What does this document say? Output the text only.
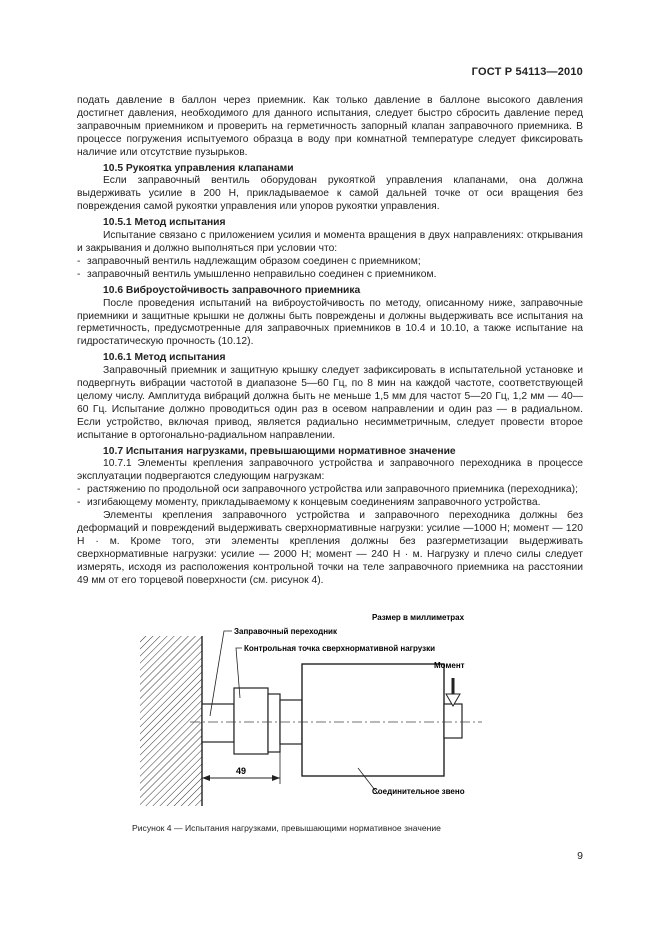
ГОСТ Р 54113—2010

подать давление в баллон через приемник. Как только давление в баллоне высокого давления достигнет давления, необходимого для данного испытания, следует быстро сбросить давление перед заправочным приемником и проверить на герметичность запорный клапан заправочного приемника. В процессе погружения испытуемого образца в воду при комнатной температуре следует фиксировать наличие или отсутствие пузырьков.

10.5 Рукоятка управления клапанами

Если заправочный вентиль оборудован рукояткой управления клапанами, она должна выдерживать усилие в 200 Н, прикладываемое к самой дальней точке от оси вращения без повреждения самой рукоятки управления или упоров рукоятки управления.

10.5.1 Метод испытания

Испытание связано с приложением усилия и момента вращения в двух направлениях: открывания и закрывания и должно выполняться при условии что:

- заправочный вентиль надлежащим образом соединен с приемником;

- заправочный вентиль умышленно неправильно соединен с приемником.

10.6 Виброустойчивость заправочного приемника

После проведения испытаний на виброустойчивость по методу, описанному ниже, заправочные приемники и защитные крышки не должны быть повреждены и должны выдерживать все испытания на герметичность, предусмотренные для заправочных приемников в 10.4 и 10.10, а также испытание на гидростатическую прочность (10.12).

10.6.1 Метод испытания

Заправочный приемник и защитную крышку следует зафиксировать в испытательной установке и подвергнуть вибрации частотой в диапазоне 5—60 Гц, по 8 мин на каждой частоте, соответствующей целому числу. Амплитуда вибраций должна быть не меньше 1,5 мм для частот 5—20 Гц, 1,2 мм — 40—60 Гц. Испытание должно проводиться один раз в осевом направлении и один раз — в радиальном. Если устройство, включая привод, является радиально несимметричным, следует провести второе испытание в ортогонально-радиальном направлении.

10.7 Испытания нагрузками, превышающими нормативное значение

10.7.1 Элементы крепления заправочного устройства и заправочного переходника в процессе эксплуатации подвергаются следующим нагрузкам:

- растяжению по продольной оси заправочного устройства или заправочного приемника (переходника);

- изгибающему моменту, прикладываемому к концевым соединениям заправочного устройства.

Элементы крепления заправочного устройства и заправочного переходника должны без деформаций и повреждений выдерживать сверхнормативные нагрузки: усилие —1000 Н; момент — 120 Н · м. Кроме того, эти элементы крепления должны без разгерметизации выдерживать сверхнормативные нагрузки: усилие — 2000 Н; момент — 240 Н · м. Нагрузку и плечо силы следует измерять, исходя из расположения контрольной точки на теле заправочного приемника на расстоянии 49 мм от его торцевой поверхности (см. рисунок 4).

Размер в миллиметрах
Заправочный переходник
Контрольная точка сверхнормативной нагрузки
Момент
Соединительное звено
49
Рисунок 4 — Испытания нагрузками, превышающими нормативное значение
9
